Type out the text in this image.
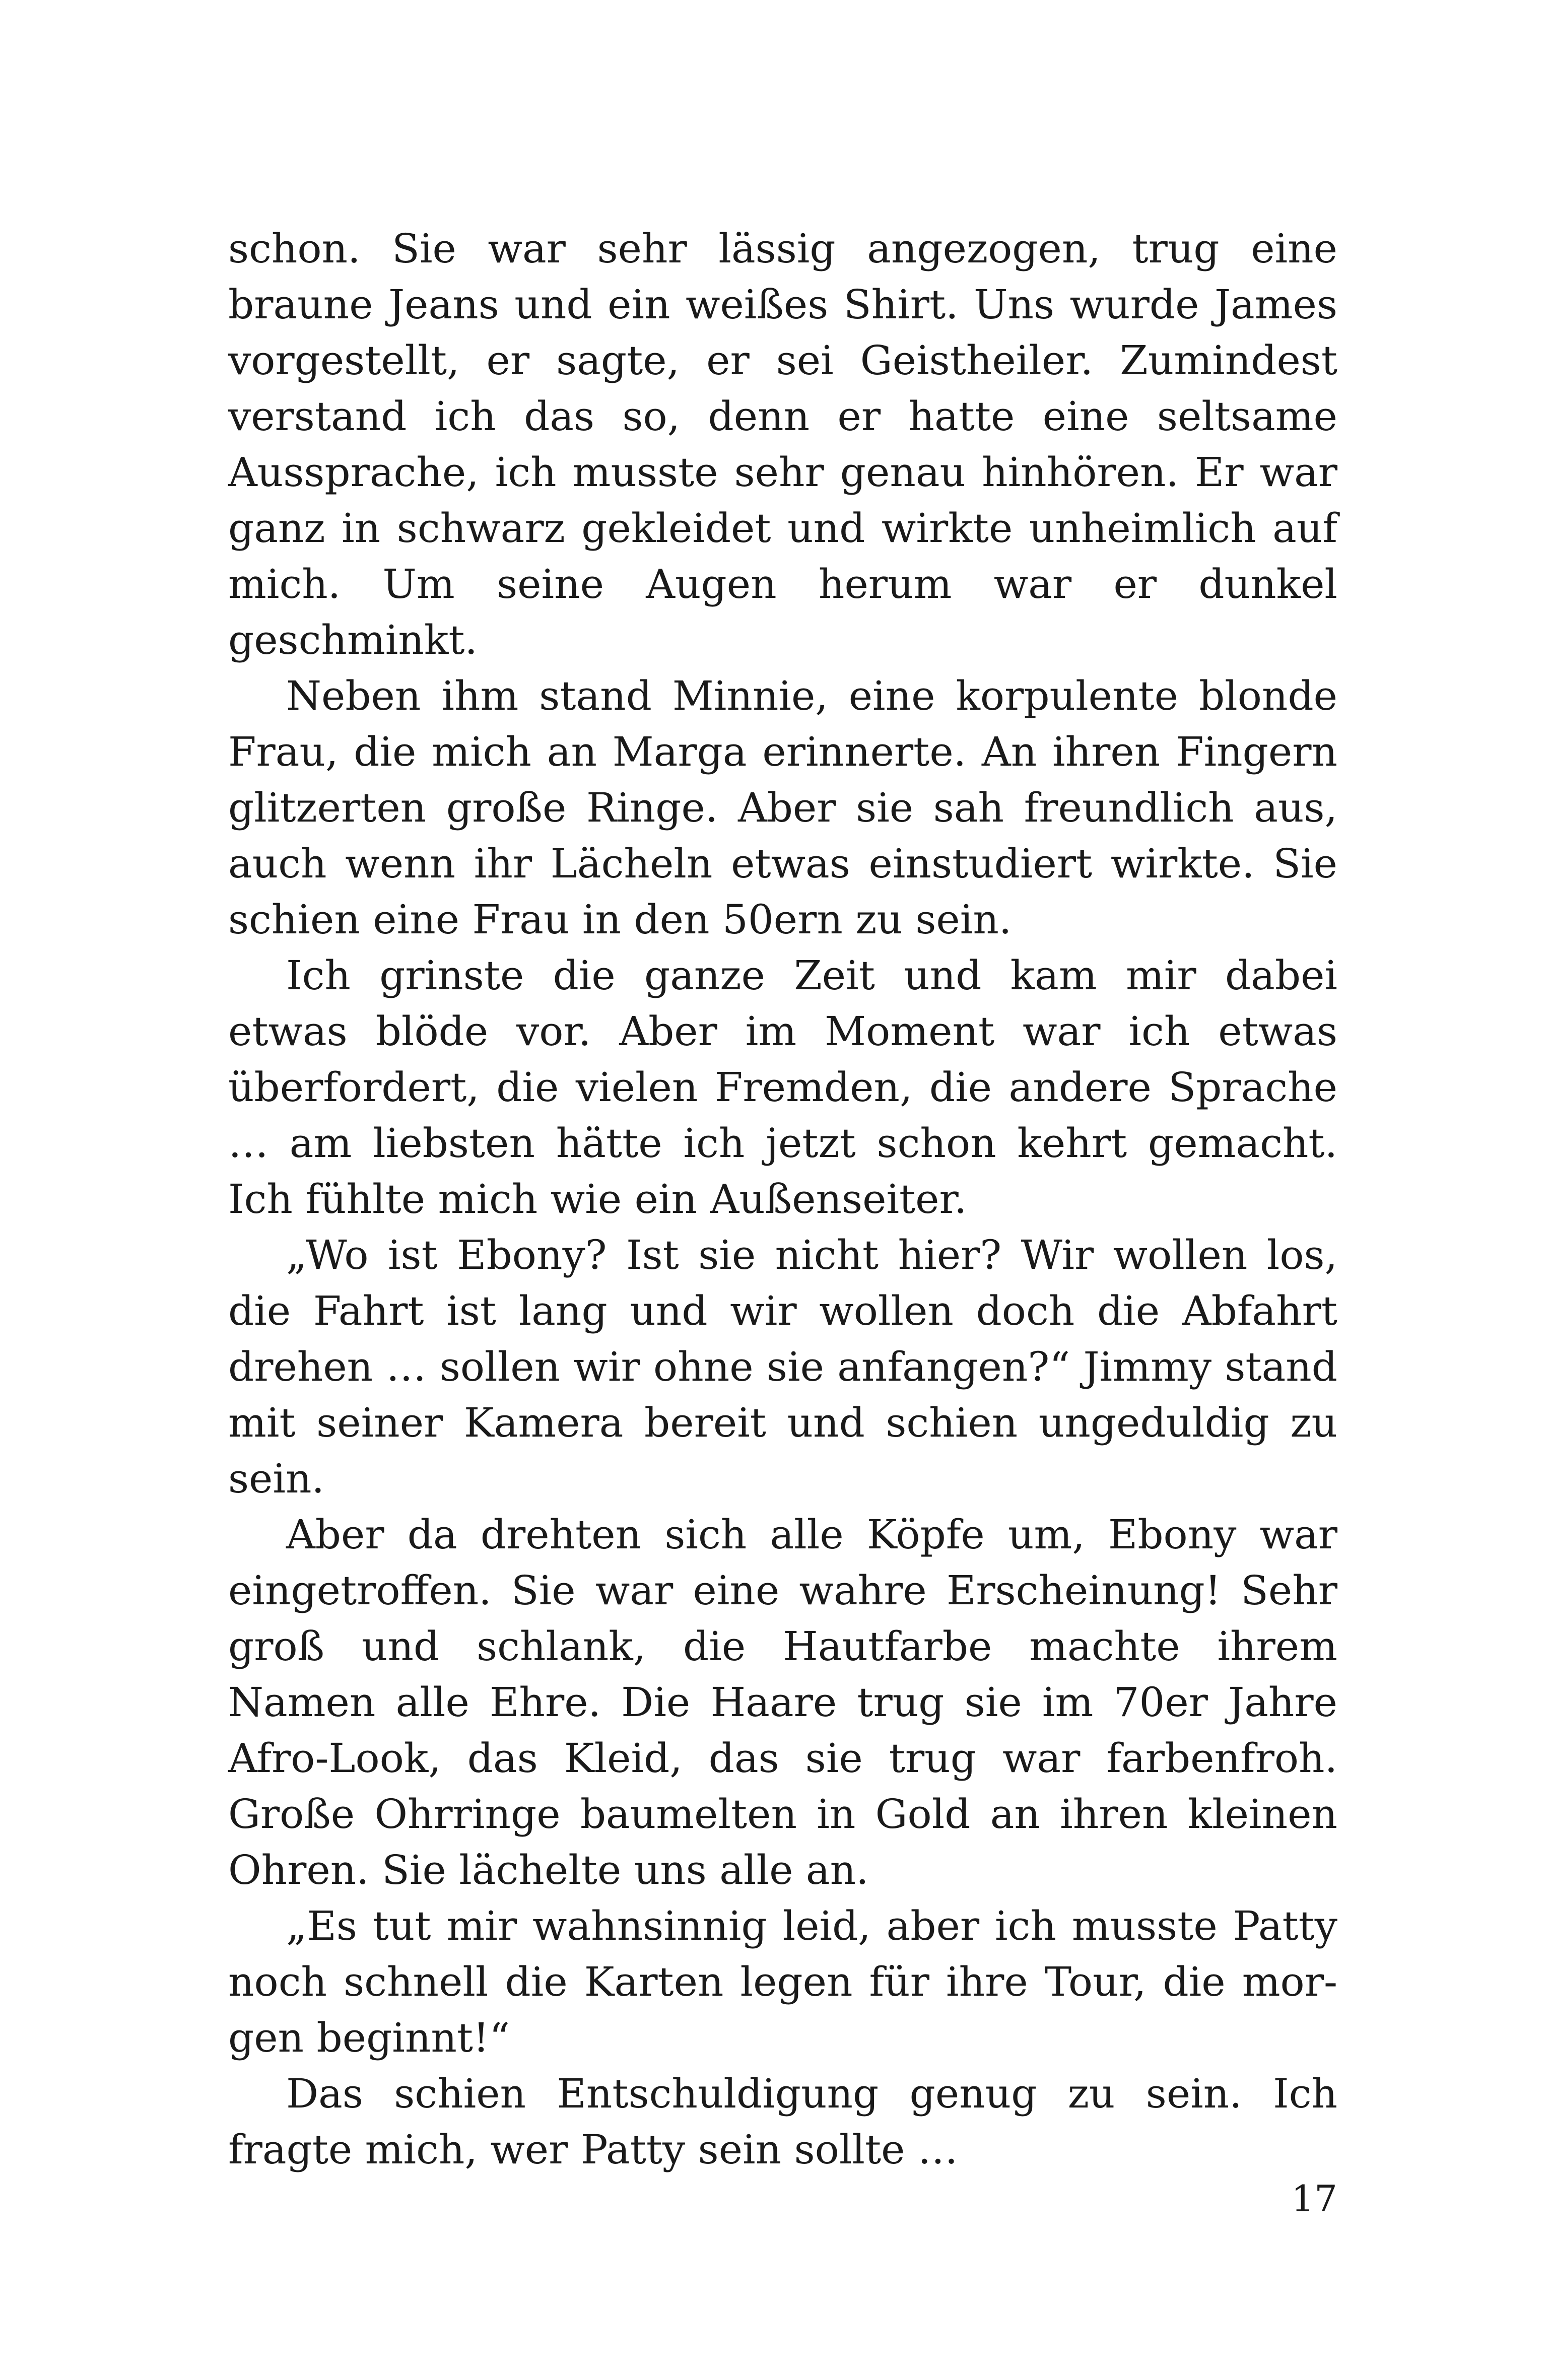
schon. Sie war sehr lässig angezogen, trug eine braune Jeans und ein weißes Shirt. Uns wurde James vorgestellt, er sagte, er sei Geistheiler. Zumindest verstand ich das so, denn er hatte eine seltsame Aussprache, ich musste sehr genau hinhören. Er war ganz in schwarz gekleidet und wirkte unheimlich auf mich. Um seine Augen herum war er dunkel geschminkt.

Neben ihm stand Minnie, eine korpulente blonde Frau, die mich an Marga erinnerte. An ihren Fingern glitzerten große Ringe. Aber sie sah freundlich aus, auch wenn ihr Lächeln etwas einstudiert wirkte. Sie schien eine Frau in den 50ern zu sein.

Ich grinste die ganze Zeit und kam mir dabei etwas blöde vor. Aber im Moment war ich etwas überfordert, die vielen Fremden, die andere Sprache … am liebsten hätte ich jetzt schon kehrt gemacht. Ich fühlte mich wie ein Außenseiter.

„Wo ist Ebony? Ist sie nicht hier? Wir wollen los, die Fahrt ist lang und wir wollen doch die Abfahrt drehen … sollen wir ohne sie anfangen?“ Jimmy stand mit seiner Kamera bereit und schien ungeduldig zu sein.

Aber da drehten sich alle Köpfe um, Ebony war eingetroffen. Sie war eine wahre Erscheinung! Sehr groß und schlank, die Hautfarbe machte ihrem Namen alle Ehre. Die Haare trug sie im 70er Jahre Afro-Look, das Kleid, das sie trug war farbenfroh. Große Ohrringe baumelten in Gold an ihren kleinen Ohren. Sie lächelte uns alle an.

„Es tut mir wahnsinnig leid, aber ich musste Patty noch schnell die Karten legen für ihre Tour, die morgen beginnt!“

Das schien Entschuldigung genug zu sein. Ich fragte mich, wer Patty sein sollte …

17
